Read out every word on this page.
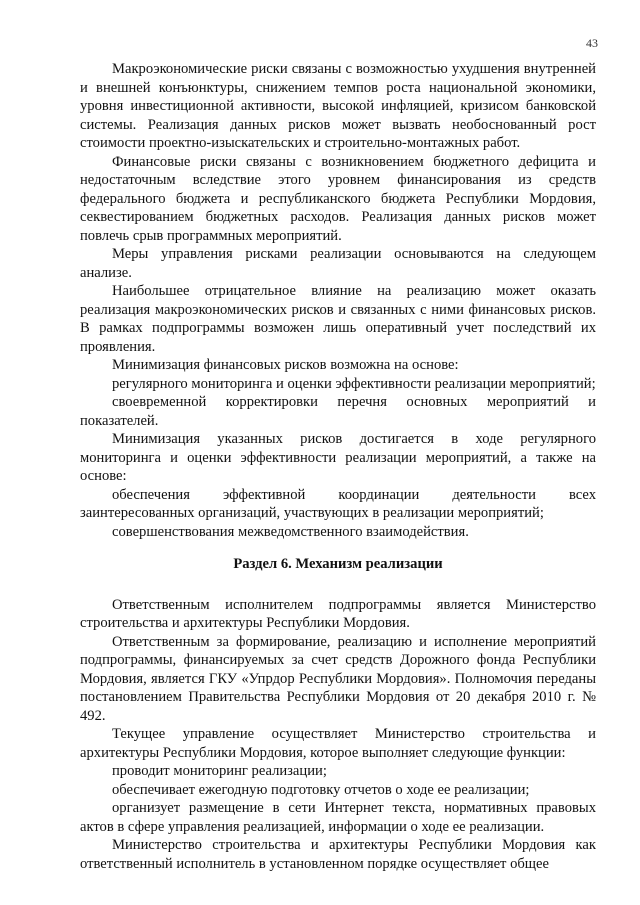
43

Макроэкономические риски связаны с возможностью ухудшения внутренней и внешней конъюнктуры, снижением темпов роста национальной экономики, уровня инвестиционной активности, высокой инфляцией, кризисом банковской системы. Реализация данных рисков может вызвать необоснованный рост стоимости проектно-изыскательских и строительно-монтажных работ.

Финансовые риски связаны с возникновением бюджетного дефицита и недостаточным вследствие этого уровнем финансирования из средств федерального бюджета и республиканского бюджета Республики Мордовия, секвестированием бюджетных расходов. Реализация данных рисков может повлечь срыв программных мероприятий.

Меры управления рисками реализации основываются на следующем анализе.

Наибольшее отрицательное влияние на реализацию может оказать реализация макроэкономических рисков и связанных с ними финансовых рисков. В рамках подпрограммы возможен лишь оперативный учет последствий их проявления.

Минимизация финансовых рисков возможна на основе:

регулярного мониторинга и оценки эффективности реализации мероприятий;

своевременной корректировки перечня основных мероприятий и показателей.

Минимизация указанных рисков достигается в ходе регулярного мониторинга и оценки эффективности реализации мероприятий, а также на основе:

обеспечения эффективной координации деятельности всех заинтересованных организаций, участвующих в реализации мероприятий;

совершенствования межведомственного взаимодействия.

Раздел 6. Механизм реализации

Ответственным исполнителем подпрограммы является Министерство строительства и архитектуры Республики Мордовия.

Ответственным за формирование, реализацию и исполнение мероприятий подпрограммы, финансируемых за счет средств Дорожного фонда Республики Мордовия, является ГКУ «Упрдор Республики Мордовия». Полномочия переданы постановлением Правительства Республики Мордовия от 20 декабря 2010 г. № 492.

Текущее управление осуществляет Министерство строительства и архитектуры Республики Мордовия, которое выполняет следующие функции:

проводит мониторинг реализации;

обеспечивает ежегодную подготовку отчетов о ходе ее реализации;

организует размещение в сети Интернет текста, нормативных правовых актов в сфере управления реализацией, информации о ходе ее реализации.

Министерство строительства и архитектуры Республики Мордовия как ответственный исполнитель в установленном порядке осуществляет общее
